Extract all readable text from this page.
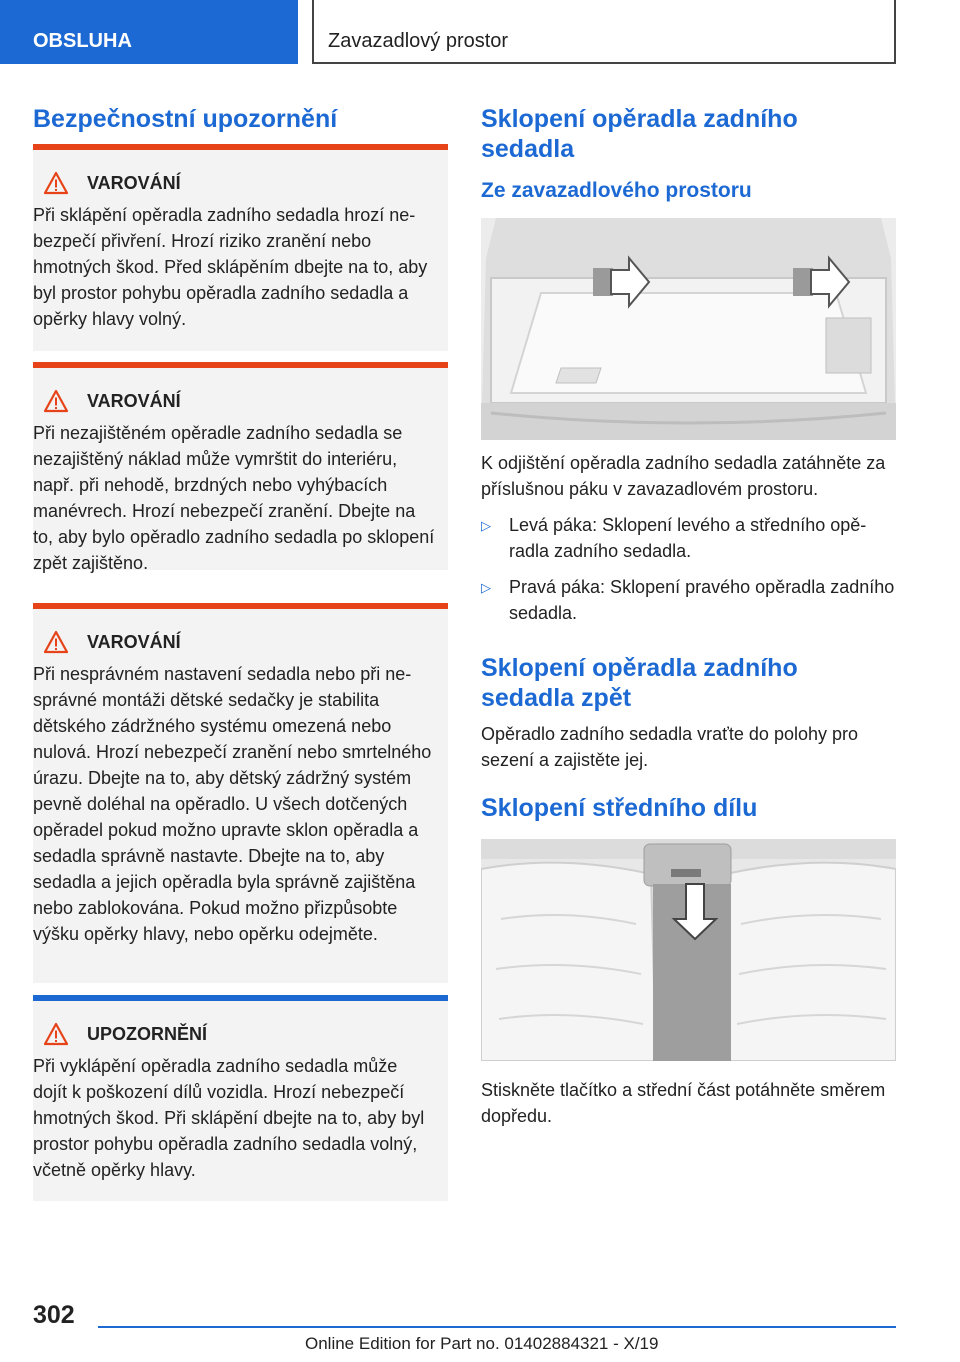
OBSLUHA	Zavazadlový prostor
Bezpečnostní upozornění
VAROVÁNÍ
Při sklápění opěradla zadního sedadla hrozí nebezpečí přivření. Hrozí riziko zranění nebo hmotných škod. Před sklápěním dbejte na to, aby byl prostor pohybu opěradla zadního sedadla a opěrky hlavy volný.
VAROVÁNÍ
Při nezajištěném opěradle zadního sedadla se nezajištěný náklad může vymrštit do interiéru, např. při nehodě, brzdných nebo vyhýbacích manévrech. Hrozí nebezpečí zranění. Dbejte na to, aby bylo opěradlo zadního sedadla po sklopení zpět zajištěno.
VAROVÁNÍ
Při nesprávném nastavení sedadla nebo při nesprávné montáži dětské sedačky je stabilita dětského zádržného systému omezená nebo nulová. Hrozí nebezpečí zranění nebo smrtelného úrazu. Dbejte na to, aby dětský zádržný systém pevně doléhal na opěradlo. U všech dotčených opěradel pokud možno upravte sklon opěradla a sedadla správně nastavte. Dbejte na to, aby sedadla a jejich opěradla byla správně zajištěna nebo zablokována. Pokud možno přizpůsobte výšku opěrky hlavy, nebo opěrku odejměte.
UPOZORNĚNÍ
Při vyklápění opěradla zadního sedadla může dojít k poškození dílů vozidla. Hrozí nebezpečí hmotných škod. Při sklápění dbejte na to, aby byl prostor pohybu opěradla zadního sedadla volný, včetně opěrky hlavy.
Sklopení opěradla zadního sedadla
Ze zavazadlového prostoru

K odjištění opěradla zadního sedadla zatáhněte za příslušnou páku v zavazadlovém prostoru.

▷	Levá páka: Sklopení levého a středního opěradla zadního sedadla.
▷	Pravá páka: Sklopení pravého opěradla zadního sedadla.
Sklopení opěradla zadního sedadla zpět

Opěradlo zadního sedadla vraťte do polohy pro sezení a zajistěte jej.

Sklopení středního dílu

Stiskněte tlačítko a střední část potáhněte směrem dopředu.

302
Online Edition for Part no. 01402884321 - X/19
